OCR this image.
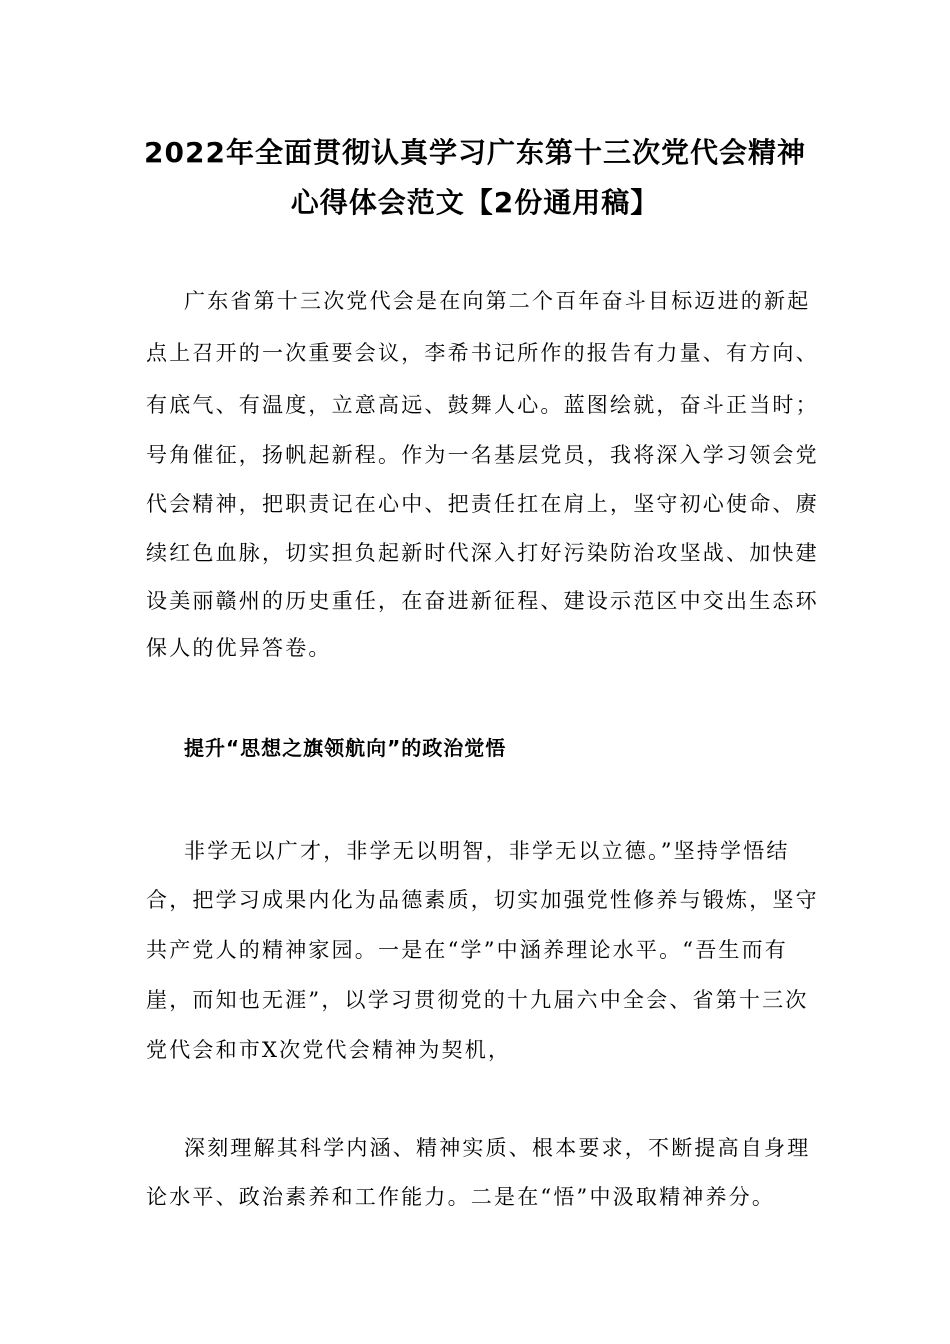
2022年全面贯彻认真学习广东第十三次党代会精神
心得体会范文【2份通用稿】
广东省第十三次党代会是在向第二个百年奋斗目标迈进的新起
点上召开的一次重要会议，李希书记所作的报告有力量、有方向、
有底气、有温度，立意高远、鼓舞人心。蓝图绘就，奋斗正当时；
号角催征，扬帆起新程。作为一名基层党员，我将深入学习领会党
代会精神，把职责记在心中、把责任扛在肩上，坚守初心使命、赓
续红色血脉，切实担负起新时代深入打好污染防治攻坚战、加快建
设美丽赣州的历史重任，在奋进新征程、建设示范区中交出生态环
保人的优异答卷。
提升“思想之旗领航向”的政治觉悟
非学无以广才，非学无以明智，非学无以立德。”坚持学悟结
合，把学习成果内化为品德素质，切实加强党性修养与锻炼，坚守
共产党人的精神家园。一是在“学”中涵养理论水平。“吾生而有
崖，而知也无涯”，以学习贯彻党的十九届六中全会、省第十三次
党代会和市X次党代会精神为契机，
深刻理解其科学内涵、精神实质、根本要求，不断提高自身理
论水平、政治素养和工作能力。二是在“悟”中汲取精神养分。
